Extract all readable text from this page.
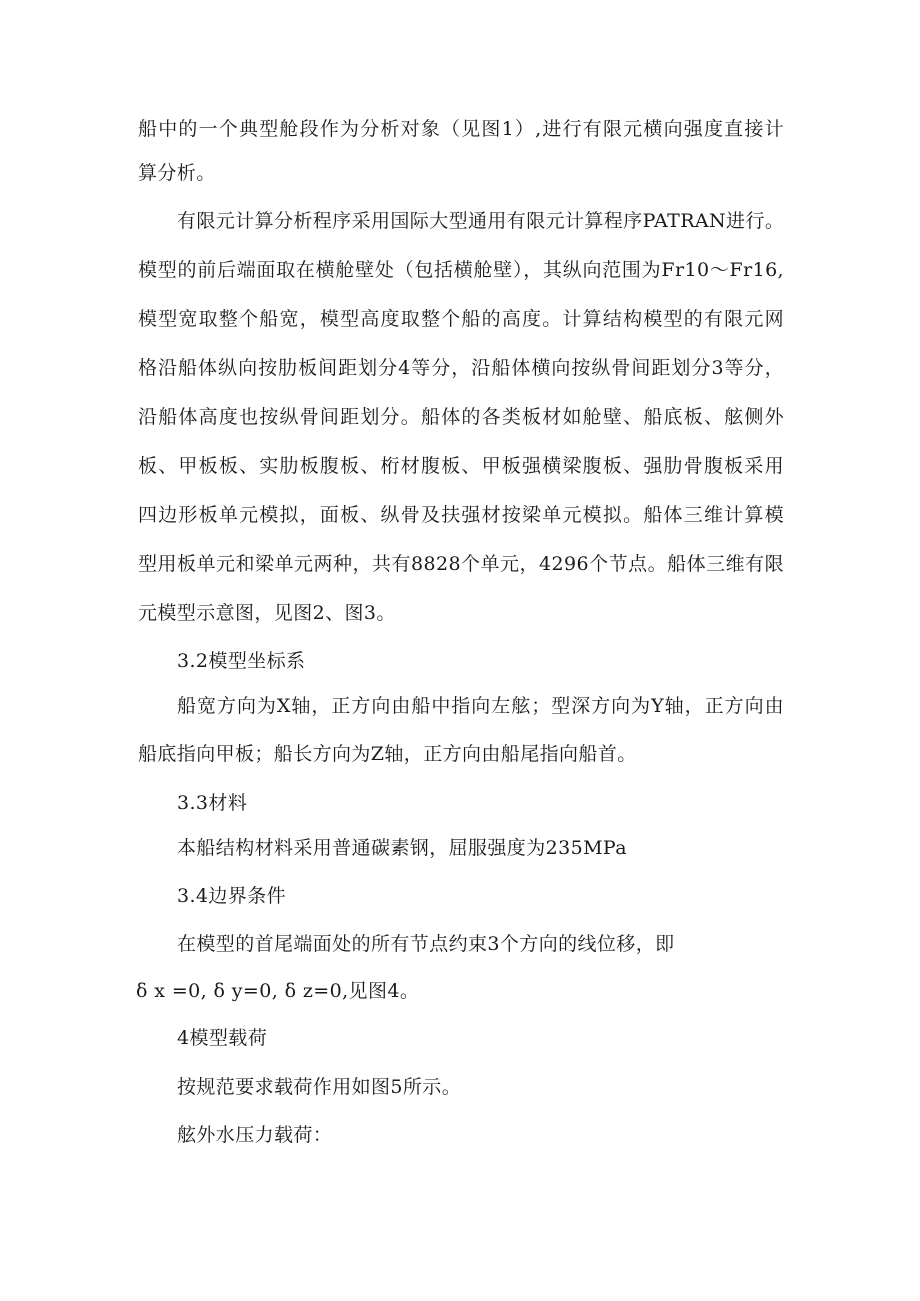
船中的一个典型舱段作为分析对象（见图1）,进行有限元横向强度直接计

算分析。

有限元计算分析程序采用国际大型通用有限元计算程序PATRAN进行。

模型的前后端面取在横舱壁处（包括横舱壁），其纵向范围为Fr10～Fr16,

模型宽取整个船宽，模型高度取整个船的高度。计算结构模型的有限元网

格沿船体纵向按肋板间距划分4等分，沿船体横向按纵骨间距划分3等分，

沿船体高度也按纵骨间距划分。船体的各类板材如舱壁、船底板、舷侧外

板、甲板板、实肋板腹板、桁材腹板、甲板强横梁腹板、强肋骨腹板采用

四边形板单元模拟，面板、纵骨及扶强材按梁单元模拟。船体三维计算模

型用板单元和梁单元两种，共有8828个单元，4296个节点。船体三维有限

元模型示意图，见图2、图3。

3.2模型坐标系

船宽方向为X轴，正方向由船中指向左舷；型深方向为Y轴，正方向由

船底指向甲板；船长方向为Z轴，正方向由船尾指向船首。

3.3材料

本船结构材料采用普通碳素钢，屈服强度为235MPa

3.4边界条件

在模型的首尾端面处的所有节点约束3个方向的线位移，即

δ x =0, δ y=0, δ z=0,见图4。

4模型载荷

按规范要求载荷作用如图5所示。

舷外水压力载荷：
